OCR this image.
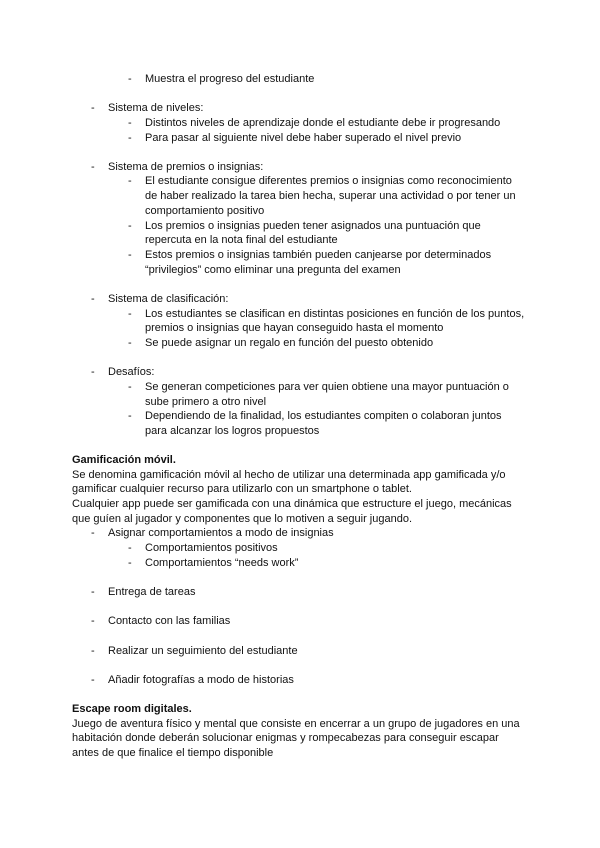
- Muestra el progreso del estudiante
- Sistema de niveles:
- Distintos niveles de aprendizaje donde el estudiante debe ir progresando
- Para pasar al siguiente nivel debe haber superado el nivel previo
- Sistema de premios o insignias:
- El estudiante consigue diferentes premios o insignias como reconocimiento
de haber realizado la tarea bien hecha, superar una actividad o por tener un
comportamiento positivo
- Los premios o insignias pueden tener asignados una puntuación que
repercuta en la nota final del estudiante
- Estos premios o insignias también pueden canjearse por determinados
“privilegios” como eliminar una pregunta del examen
- Sistema de clasificación:
- Los estudiantes se clasifican en distintas posiciones en función de los puntos,
premios o insignias que hayan conseguido hasta el momento
- Se puede asignar un regalo en función del puesto obtenido
- Desafíos:
- Se generan competiciones para ver quien obtiene una mayor puntuación o
sube primero a otro nivel
- Dependiendo de la finalidad, los estudiantes compiten o colaboran juntos
para alcanzar los logros propuestos
Gamificación móvil.
Se denomina gamificación móvil al hecho de utilizar una determinada app gamificada y/o
gamificar cualquier recurso para utilizarlo con un smartphone o tablet.
Cualquier app puede ser gamificada con una dinámica que estructure el juego, mecánicas
que guíen al jugador y componentes que lo motiven a seguir jugando.
- Asignar comportamientos a modo de insignias
- Comportamientos positivos
- Comportamientos “needs work”
- Entrega de tareas
- Contacto con las familias
- Realizar un seguimiento del estudiante
- Añadir fotografías a modo de historias
Escape room digitales.
Juego de aventura físico y mental que consiste en encerrar a un grupo de jugadores en una
habitación donde deberán solucionar enigmas y rompecabezas para conseguir escapar
antes de que finalice el tiempo disponible
